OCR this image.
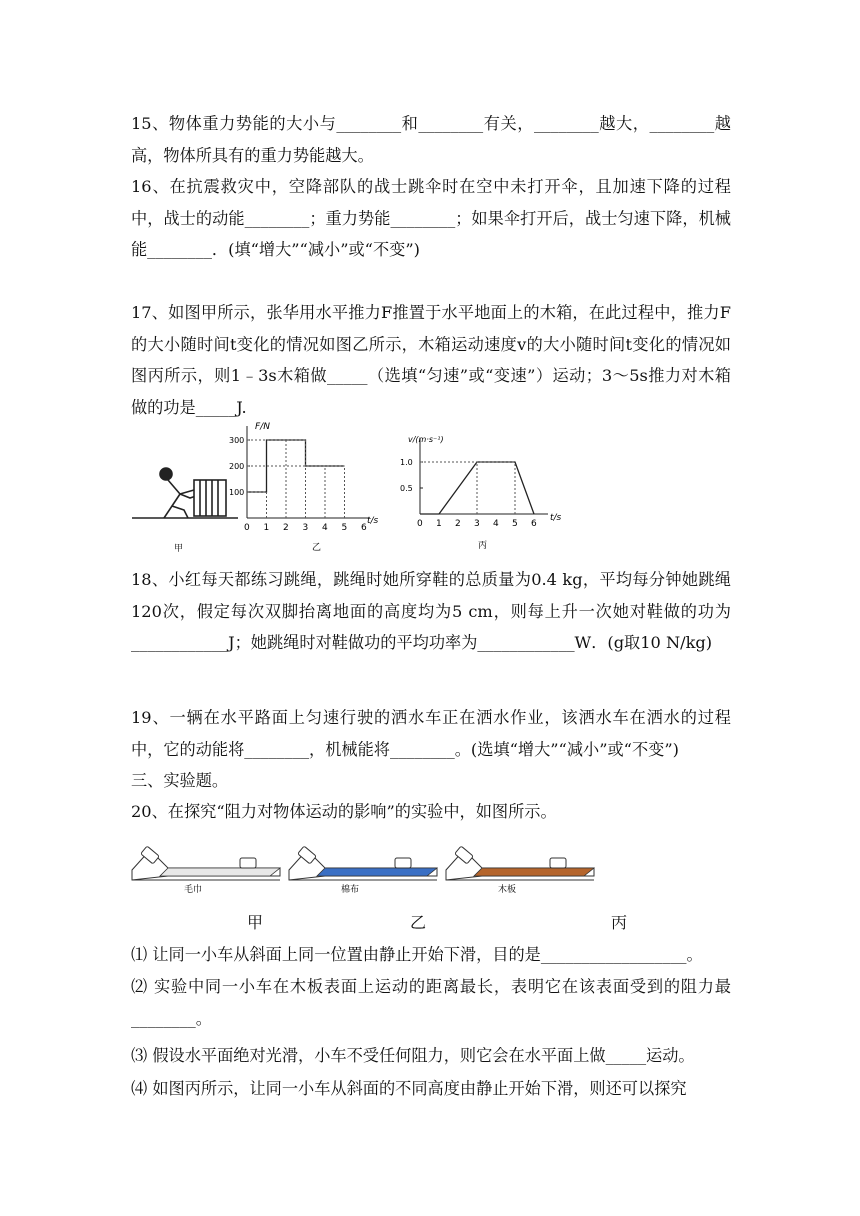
15、物体重力势能的大小与________和________有关，________越大，________越高，物体所具有的重力势能越大。
16、在抗震救灾中，空降部队的战士跳伞时在空中未打开伞，且加速下降的过程中，战士的动能________；重力势能________；如果伞打开后，战士匀速下降，机械能________．(填“增大”“减小”或“不变”)
17、如图甲所示，张华用水平推力F推置于水平地面上的木箱，在此过程中，推力F的大小随时间t变化的情况如图乙所示，木箱运动速度v的大小随时间t变化的情况如图丙所示，则1﹣3s木箱做_____（选填“匀速”或“变速”）运动；3～5s推力对木箱做的功是_____J.
甲
0 1 2 3 4 5 6
100
200
300
F/N
t/s
乙
0 1 2 3 4 5 6
0.5
1.0
v/(m·s⁻¹)
t/s
丙
18、小红每天都练习跳绳，跳绳时她所穿鞋的总质量为0.4 kg，平均每分钟她跳绳120次，假定每次双脚抬离地面的高度均为5 cm，则每上升一次她对鞋做的功为____________J；她跳绳时对鞋做功的平均功率为____________W．(g取10 N/kg)
19、一辆在水平路面上匀速行驶的洒水车正在洒水作业，该洒水车在洒水的过程中，它的动能将________，机械能将________。(选填“增大”“减小”或“不变”)
三、实验题。
20、在探究“阻力对物体运动的影响”的实验中，如图所示。
毛巾	棉布	木板
甲	乙	丙
⑴ 让同一小车从斜面上同一位置由静止开始下滑，目的是__________________。
⑵ 实验中同一小车在木板表面上运动的距离最长，表明它在该表面受到的阻力最________。
⑶ 假设水平面绝对光滑，小车不受任何阻力，则它会在水平面上做_____运动。
⑷ 如图丙所示，让同一小车从斜面的不同高度由静止开始下滑，则还可以探究
